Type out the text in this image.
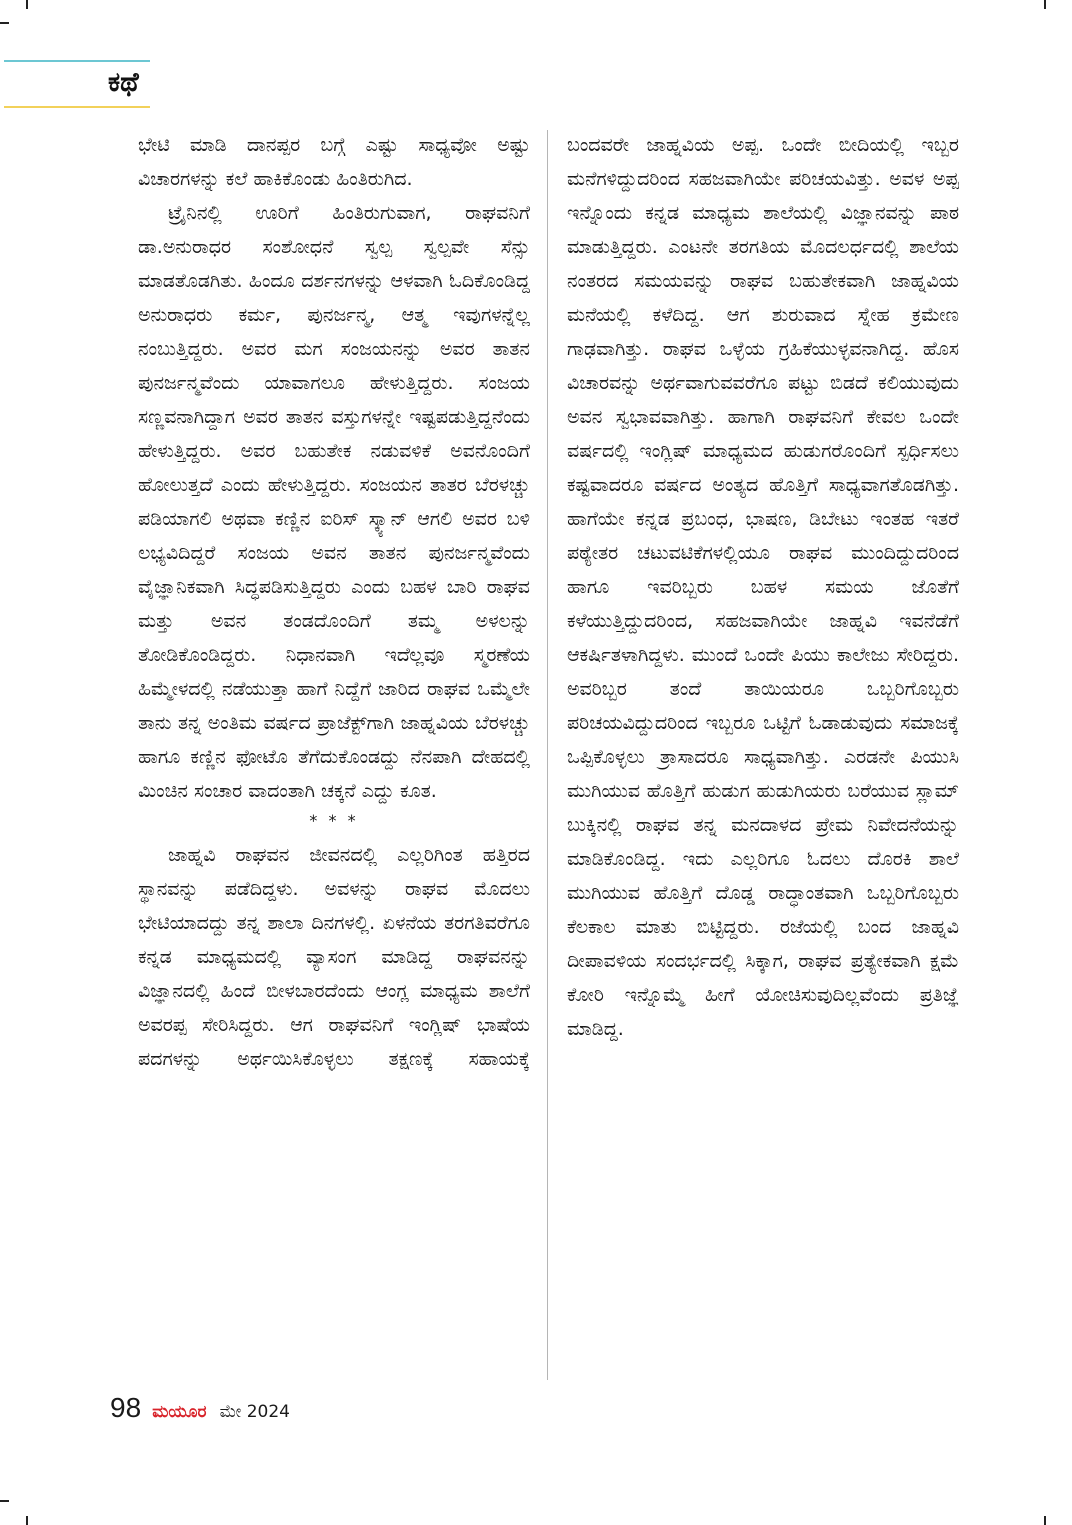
ಕಥೆ

ಭೇಟಿ ಮಾಡಿ ದಾನಪ್ಪರ ಬಗ್ಗೆ ಎಷ್ಟು ಸಾಧ್ಯವೋ ಅಷ್ಟು ವಿಚಾರಗಳನ್ನು ಕಲೆ ಹಾಕಿಕೊಂಡು ಹಿಂತಿರುಗಿದ.

ಟ್ರೈನಿನಲ್ಲಿ ಊರಿಗೆ ಹಿಂತಿರುಗುವಾಗ, ರಾಘವನಿಗೆ ಡಾ.ಅನುರಾಧರ ಸಂಶೋಧನೆ ಸ್ವಲ್ಪ ಸ್ವಲ್ಪವೇ ಸೆನ್ಸು ಮಾಡತೊಡಗಿತು. ಹಿಂದೂ ದರ್ಶನಗಳನ್ನು ಆಳವಾಗಿ ಓದಿಕೊಂಡಿದ್ದ ಅನುರಾಧರು ಕರ್ಮ, ಪುನರ್ಜನ್ಮ, ಆತ್ಮ ಇವುಗಳನ್ನೆಲ್ಲ ನಂಬುತ್ತಿದ್ದರು. ಅವರ ಮಗ ಸಂಜಯನನ್ನು ಅವರ ತಾತನ ಪುನರ್ಜನ್ಮವೆಂದು ಯಾವಾಗಲೂ ಹೇಳುತ್ತಿದ್ದರು. ಸಂಜಯ ಸಣ್ಣವನಾಗಿದ್ದಾಗ ಅವರ ತಾತನ ವಸ್ತುಗಳನ್ನೇ ಇಷ್ಟಪಡುತ್ತಿದ್ದನೆಂದು ಹೇಳುತ್ತಿದ್ದರು. ಅವರ ಬಹುತೇಕ ನಡುವಳಿಕೆ ಅವನೊಂದಿಗೆ ಹೋಲುತ್ತದೆ ಎಂದು ಹೇಳುತ್ತಿದ್ದರು. ಸಂಜಯನ ತಾತರ ಬೆರಳಚ್ಚು ಪಡಿಯಾಗಲಿ ಅಥವಾ ಕಣ್ಣಿನ ಐರಿಸ್ ಸ್ಕ್ಯಾನ್ ಆಗಲಿ ಅವರ ಬಳಿ ಲಭ್ಯವಿದಿದ್ದರೆ ಸಂಜಯ ಅವನ ತಾತನ ಪುನರ್ಜನ್ಮವೆಂದು ವೈಜ್ಞಾನಿಕವಾಗಿ ಸಿದ್ಧಪಡಿಸುತ್ತಿದ್ದರು ಎಂದು ಬಹಳ ಬಾರಿ ರಾಘವ ಮತ್ತು ಅವನ ತಂಡದೊಂದಿಗೆ ತಮ್ಮ ಅಳಲನ್ನು ತೋಡಿಕೊಂಡಿದ್ದರು. ನಿಧಾನವಾಗಿ ಇದೆಲ್ಲವೂ ಸ್ಮರಣೆಯ ಹಿಮ್ಮೇಳದಲ್ಲಿ ನಡೆಯುತ್ತಾ ಹಾಗೆ ನಿದ್ದೆಗೆ ಜಾರಿದ ರಾಘವ ಒಮ್ಮೆಲೇ ತಾನು ತನ್ನ ಅಂತಿಮ ವರ್ಷದ ಪ್ರಾಜೆಕ್ಟ್‌ಗಾಗಿ ಜಾಹ್ನವಿಯ ಬೆರಳಚ್ಚು ಹಾಗೂ ಕಣ್ಣಿನ ಫೋಟೊ ತೆಗೆದುಕೊಂಡದ್ದು ನೆನಪಾಗಿ ದೇಹದಲ್ಲಿ ಮಿಂಚಿನ ಸಂಚಾರ ವಾದಂತಾಗಿ ಚಕ್ಕನೆ ಎದ್ದು ಕೂತ.

* * *

ಜಾಹ್ನವಿ ರಾಘವನ ಜೀವನದಲ್ಲಿ ಎಲ್ಲರಿಗಿಂತ ಹತ್ತಿರದ ಸ್ಥಾನವನ್ನು ಪಡೆದಿದ್ದಳು. ಅವಳನ್ನು ರಾಘವ ಮೊದಲು ಭೇಟಿಯಾದದ್ದು ತನ್ನ ಶಾಲಾ ದಿನಗಳಲ್ಲಿ. ಏಳನೆಯ ತರಗತಿವರೆಗೂ ಕನ್ನಡ ಮಾಧ್ಯಮದಲ್ಲಿ ವ್ಯಾಸಂಗ ಮಾಡಿದ್ದ ರಾಘವನನ್ನು ವಿಜ್ಞಾನದಲ್ಲಿ ಹಿಂದೆ ಬೀಳಬಾರದೆಂದು ಆಂಗ್ಲ ಮಾಧ್ಯಮ ಶಾಲೆಗೆ ಅವರಪ್ಪ ಸೇರಿಸಿದ್ದರು. ಆಗ ರಾಘವನಿಗೆ ಇಂಗ್ಲಿಷ್ ಭಾಷೆಯ ಪದಗಳನ್ನು ಅರ್ಥಯಿಸಿಕೊಳ್ಳಲು ತಕ್ಷಣಕ್ಕೆ ಸಹಾಯಕ್ಕೆ

ಬಂದವರೇ ಜಾಹ್ನವಿಯ ಅಪ್ಪ. ಒಂದೇ ಬೀದಿಯಲ್ಲಿ ಇಬ್ಬರ ಮನೆಗಳಿದ್ದುದರಿಂದ ಸಹಜವಾಗಿಯೇ ಪರಿಚಯವಿತ್ತು. ಅವಳ ಅಪ್ಪ ಇನ್ನೊಂದು ಕನ್ನಡ ಮಾಧ್ಯಮ ಶಾಲೆಯಲ್ಲಿ ವಿಜ್ಞಾನವನ್ನು ಪಾಠ ಮಾಡುತ್ತಿದ್ದರು. ಎಂಟನೇ ತರಗತಿಯ ಮೊದಲರ್ಧದಲ್ಲಿ ಶಾಲೆಯ ನಂತರದ ಸಮಯವನ್ನು ರಾಘವ ಬಹುತೇಕವಾಗಿ ಜಾಹ್ನವಿಯ ಮನೆಯಲ್ಲಿ ಕಳೆದಿದ್ದ. ಆಗ ಶುರುವಾದ ಸ್ನೇಹ ಕ್ರಮೇಣ ಗಾಢವಾಗಿತ್ತು. ರಾಘವ ಒಳ್ಳೆಯ ಗ್ರಹಿಕೆಯುಳ್ಳವನಾಗಿದ್ದ. ಹೊಸ ವಿಚಾರವನ್ನು ಅರ್ಥವಾಗುವವರೆಗೂ ಪಟ್ಟು ಬಿಡದೆ ಕಲಿಯುವುದು ಅವನ ಸ್ವಭಾವವಾಗಿತ್ತು. ಹಾಗಾಗಿ ರಾಘವನಿಗೆ ಕೇವಲ ಒಂದೇ ವರ್ಷದಲ್ಲಿ ಇಂಗ್ಲಿಷ್ ಮಾಧ್ಯಮದ ಹುಡುಗರೊಂದಿಗೆ ಸ್ಪರ್ಧಿಸಲು ಕಷ್ಟವಾದರೂ ವರ್ಷದ ಅಂತ್ಯದ ಹೊತ್ತಿಗೆ ಸಾಧ್ಯವಾಗತೊಡಗಿತ್ತು. ಹಾಗೆಯೇ ಕನ್ನಡ ಪ್ರಬಂಧ, ಭಾಷಣ, ಡಿಬೇಟು ಇಂತಹ ಇತರೆ ಪಠ್ಯೇತರ ಚಟುವಟಿಕೆಗಳಲ್ಲಿಯೂ ರಾಘವ ಮುಂದಿದ್ದುದರಿಂದ ಹಾಗೂ ಇವರಿಬ್ಬರು ಬಹಳ ಸಮಯ ಜೊತೆಗೆ ಕಳೆಯುತ್ತಿದ್ದುದರಿಂದ, ಸಹಜವಾಗಿಯೇ ಜಾಹ್ನವಿ ಇವನೆಡೆಗೆ ಆಕರ್ಷಿತಳಾಗಿದ್ದಳು. ಮುಂದೆ ಒಂದೇ ಪಿಯು ಕಾಲೇಜು ಸೇರಿದ್ದರು. ಅವರಿಬ್ಬರ ತಂದೆ ತಾಯಿಯರೂ ಒಬ್ಬರಿಗೊಬ್ಬರು ಪರಿಚಯವಿದ್ದುದರಿಂದ ಇಬ್ಬರೂ ಒಟ್ಟಿಗೆ ಓಡಾಡುವುದು ಸಮಾಜಕ್ಕೆ ಒಪ್ಪಿಕೊಳ್ಳಲು ತ್ರಾಸಾದರೂ ಸಾಧ್ಯವಾಗಿತ್ತು. ಎರಡನೇ ಪಿಯುಸಿ ಮುಗಿಯುವ ಹೊತ್ತಿಗೆ ಹುಡುಗ ಹುಡುಗಿಯರು ಬರೆಯುವ ಸ್ಲಾಮ್ ಬುಕ್ಕಿನಲ್ಲಿ ರಾಘವ ತನ್ನ ಮನದಾಳದ ಪ್ರೇಮ ನಿವೇದನೆಯನ್ನು ಮಾಡಿಕೊಂಡಿದ್ದ. ಇದು ಎಲ್ಲರಿಗೂ ಓದಲು ದೊರಕಿ ಶಾಲೆ ಮುಗಿಯುವ ಹೊತ್ತಿಗೆ ದೊಡ್ಡ ರಾದ್ಧಾಂತವಾಗಿ ಒಬ್ಬರಿಗೊಬ್ಬರು ಕೆಲಕಾಲ ಮಾತು ಬಿಟ್ಟಿದ್ದರು. ರಜೆಯಲ್ಲಿ ಬಂದ ಜಾಹ್ನವಿ ದೀಪಾವಳಿಯ ಸಂದರ್ಭದಲ್ಲಿ ಸಿಕ್ಕಾಗ, ರಾಘವ ಪ್ರತ್ಯೇಕವಾಗಿ ಕ್ಷಮೆ ಕೋರಿ ಇನ್ನೊಮ್ಮೆ ಹೀಗೆ ಯೋಚಿಸುವುದಿಲ್ಲವೆಂದು ಪ್ರತಿಜ್ಞೆ ಮಾಡಿದ್ದ.

98 ಮಯೂರ ಮೇ 2024
